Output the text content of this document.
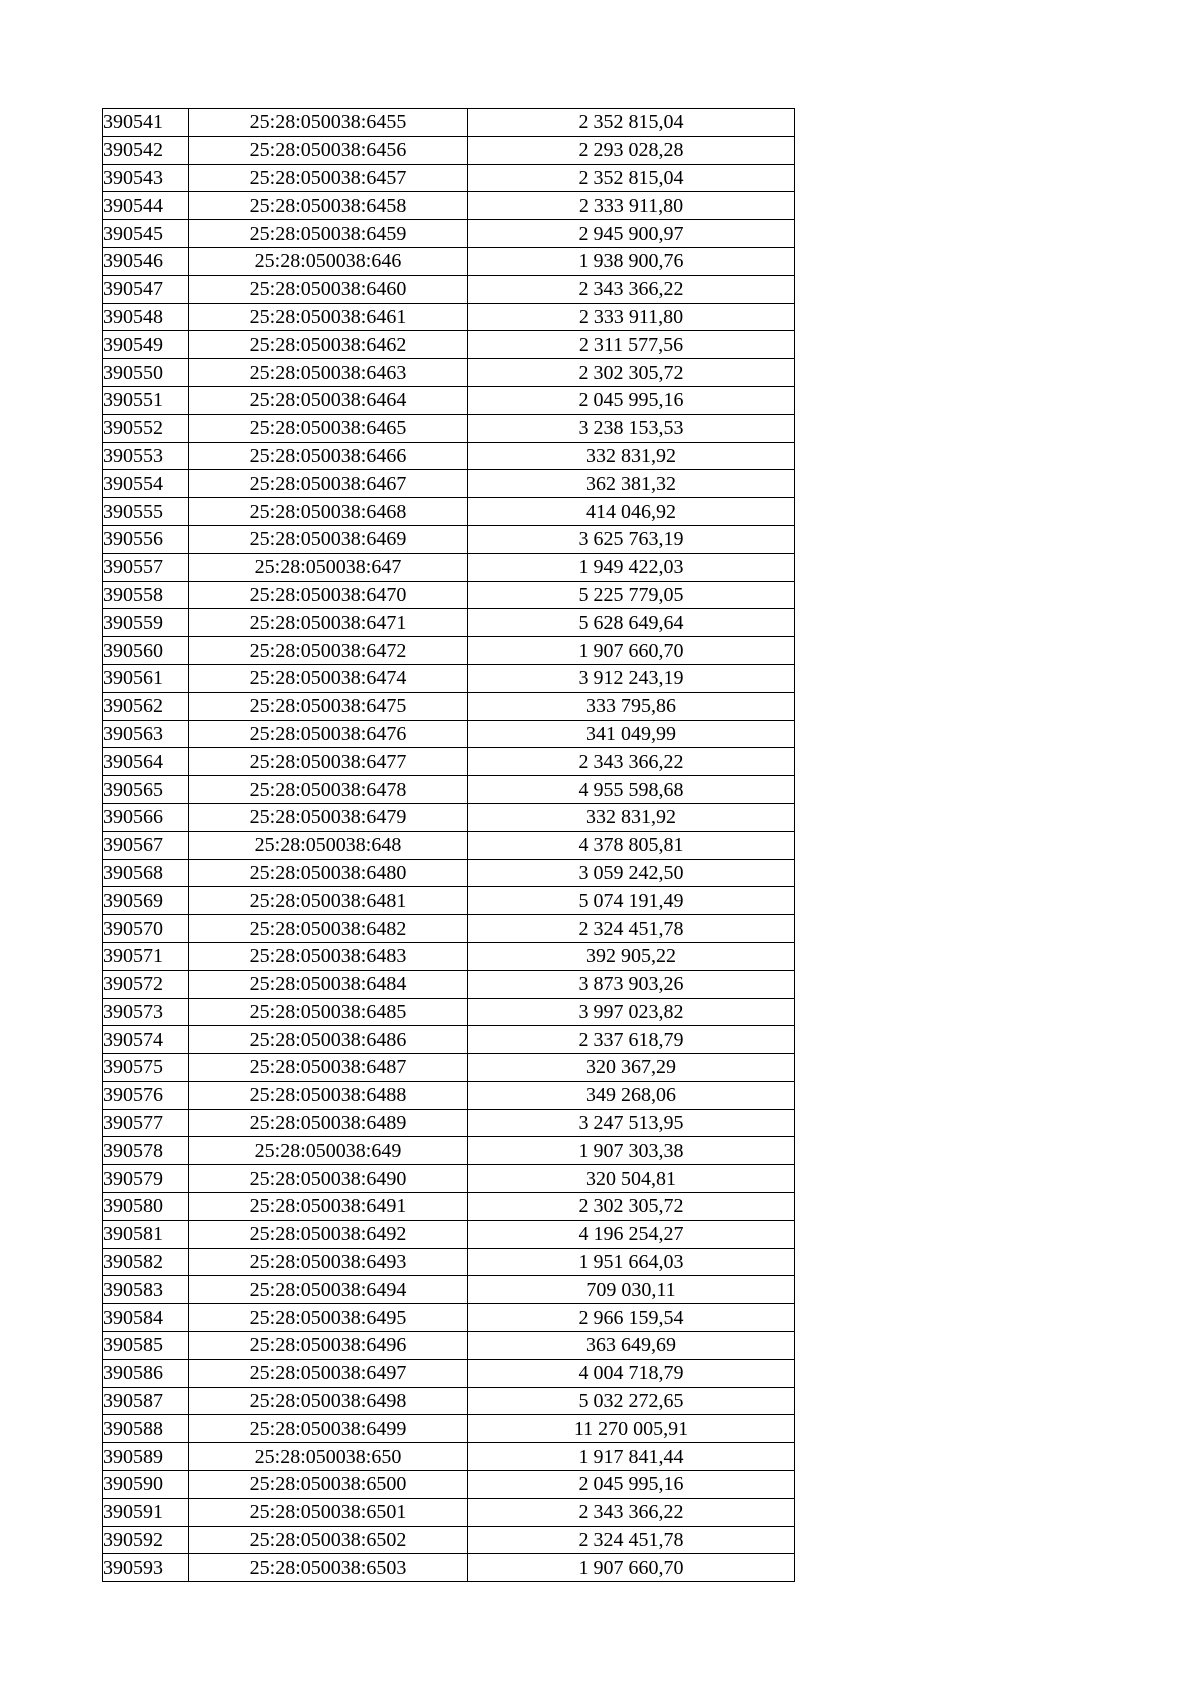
390541	25:28:050038:6455	2 352 815,04
390542	25:28:050038:6456	2 293 028,28
390543	25:28:050038:6457	2 352 815,04
390544	25:28:050038:6458	2 333 911,80
390545	25:28:050038:6459	2 945 900,97
390546	25:28:050038:646	1 938 900,76
390547	25:28:050038:6460	2 343 366,22
390548	25:28:050038:6461	2 333 911,80
390549	25:28:050038:6462	2 311 577,56
390550	25:28:050038:6463	2 302 305,72
390551	25:28:050038:6464	2 045 995,16
390552	25:28:050038:6465	3 238 153,53
390553	25:28:050038:6466	332 831,92
390554	25:28:050038:6467	362 381,32
390555	25:28:050038:6468	414 046,92
390556	25:28:050038:6469	3 625 763,19
390557	25:28:050038:647	1 949 422,03
390558	25:28:050038:6470	5 225 779,05
390559	25:28:050038:6471	5 628 649,64
390560	25:28:050038:6472	1 907 660,70
390561	25:28:050038:6474	3 912 243,19
390562	25:28:050038:6475	333 795,86
390563	25:28:050038:6476	341 049,99
390564	25:28:050038:6477	2 343 366,22
390565	25:28:050038:6478	4 955 598,68
390566	25:28:050038:6479	332 831,92
390567	25:28:050038:648	4 378 805,81
390568	25:28:050038:6480	3 059 242,50
390569	25:28:050038:6481	5 074 191,49
390570	25:28:050038:6482	2 324 451,78
390571	25:28:050038:6483	392 905,22
390572	25:28:050038:6484	3 873 903,26
390573	25:28:050038:6485	3 997 023,82
390574	25:28:050038:6486	2 337 618,79
390575	25:28:050038:6487	320 367,29
390576	25:28:050038:6488	349 268,06
390577	25:28:050038:6489	3 247 513,95
390578	25:28:050038:649	1 907 303,38
390579	25:28:050038:6490	320 504,81
390580	25:28:050038:6491	2 302 305,72
390581	25:28:050038:6492	4 196 254,27
390582	25:28:050038:6493	1 951 664,03
390583	25:28:050038:6494	709 030,11
390584	25:28:050038:6495	2 966 159,54
390585	25:28:050038:6496	363 649,69
390586	25:28:050038:6497	4 004 718,79
390587	25:28:050038:6498	5 032 272,65
390588	25:28:050038:6499	11 270 005,91
390589	25:28:050038:650	1 917 841,44
390590	25:28:050038:6500	2 045 995,16
390591	25:28:050038:6501	2 343 366,22
390592	25:28:050038:6502	2 324 451,78
390593	25:28:050038:6503	1 907 660,70
